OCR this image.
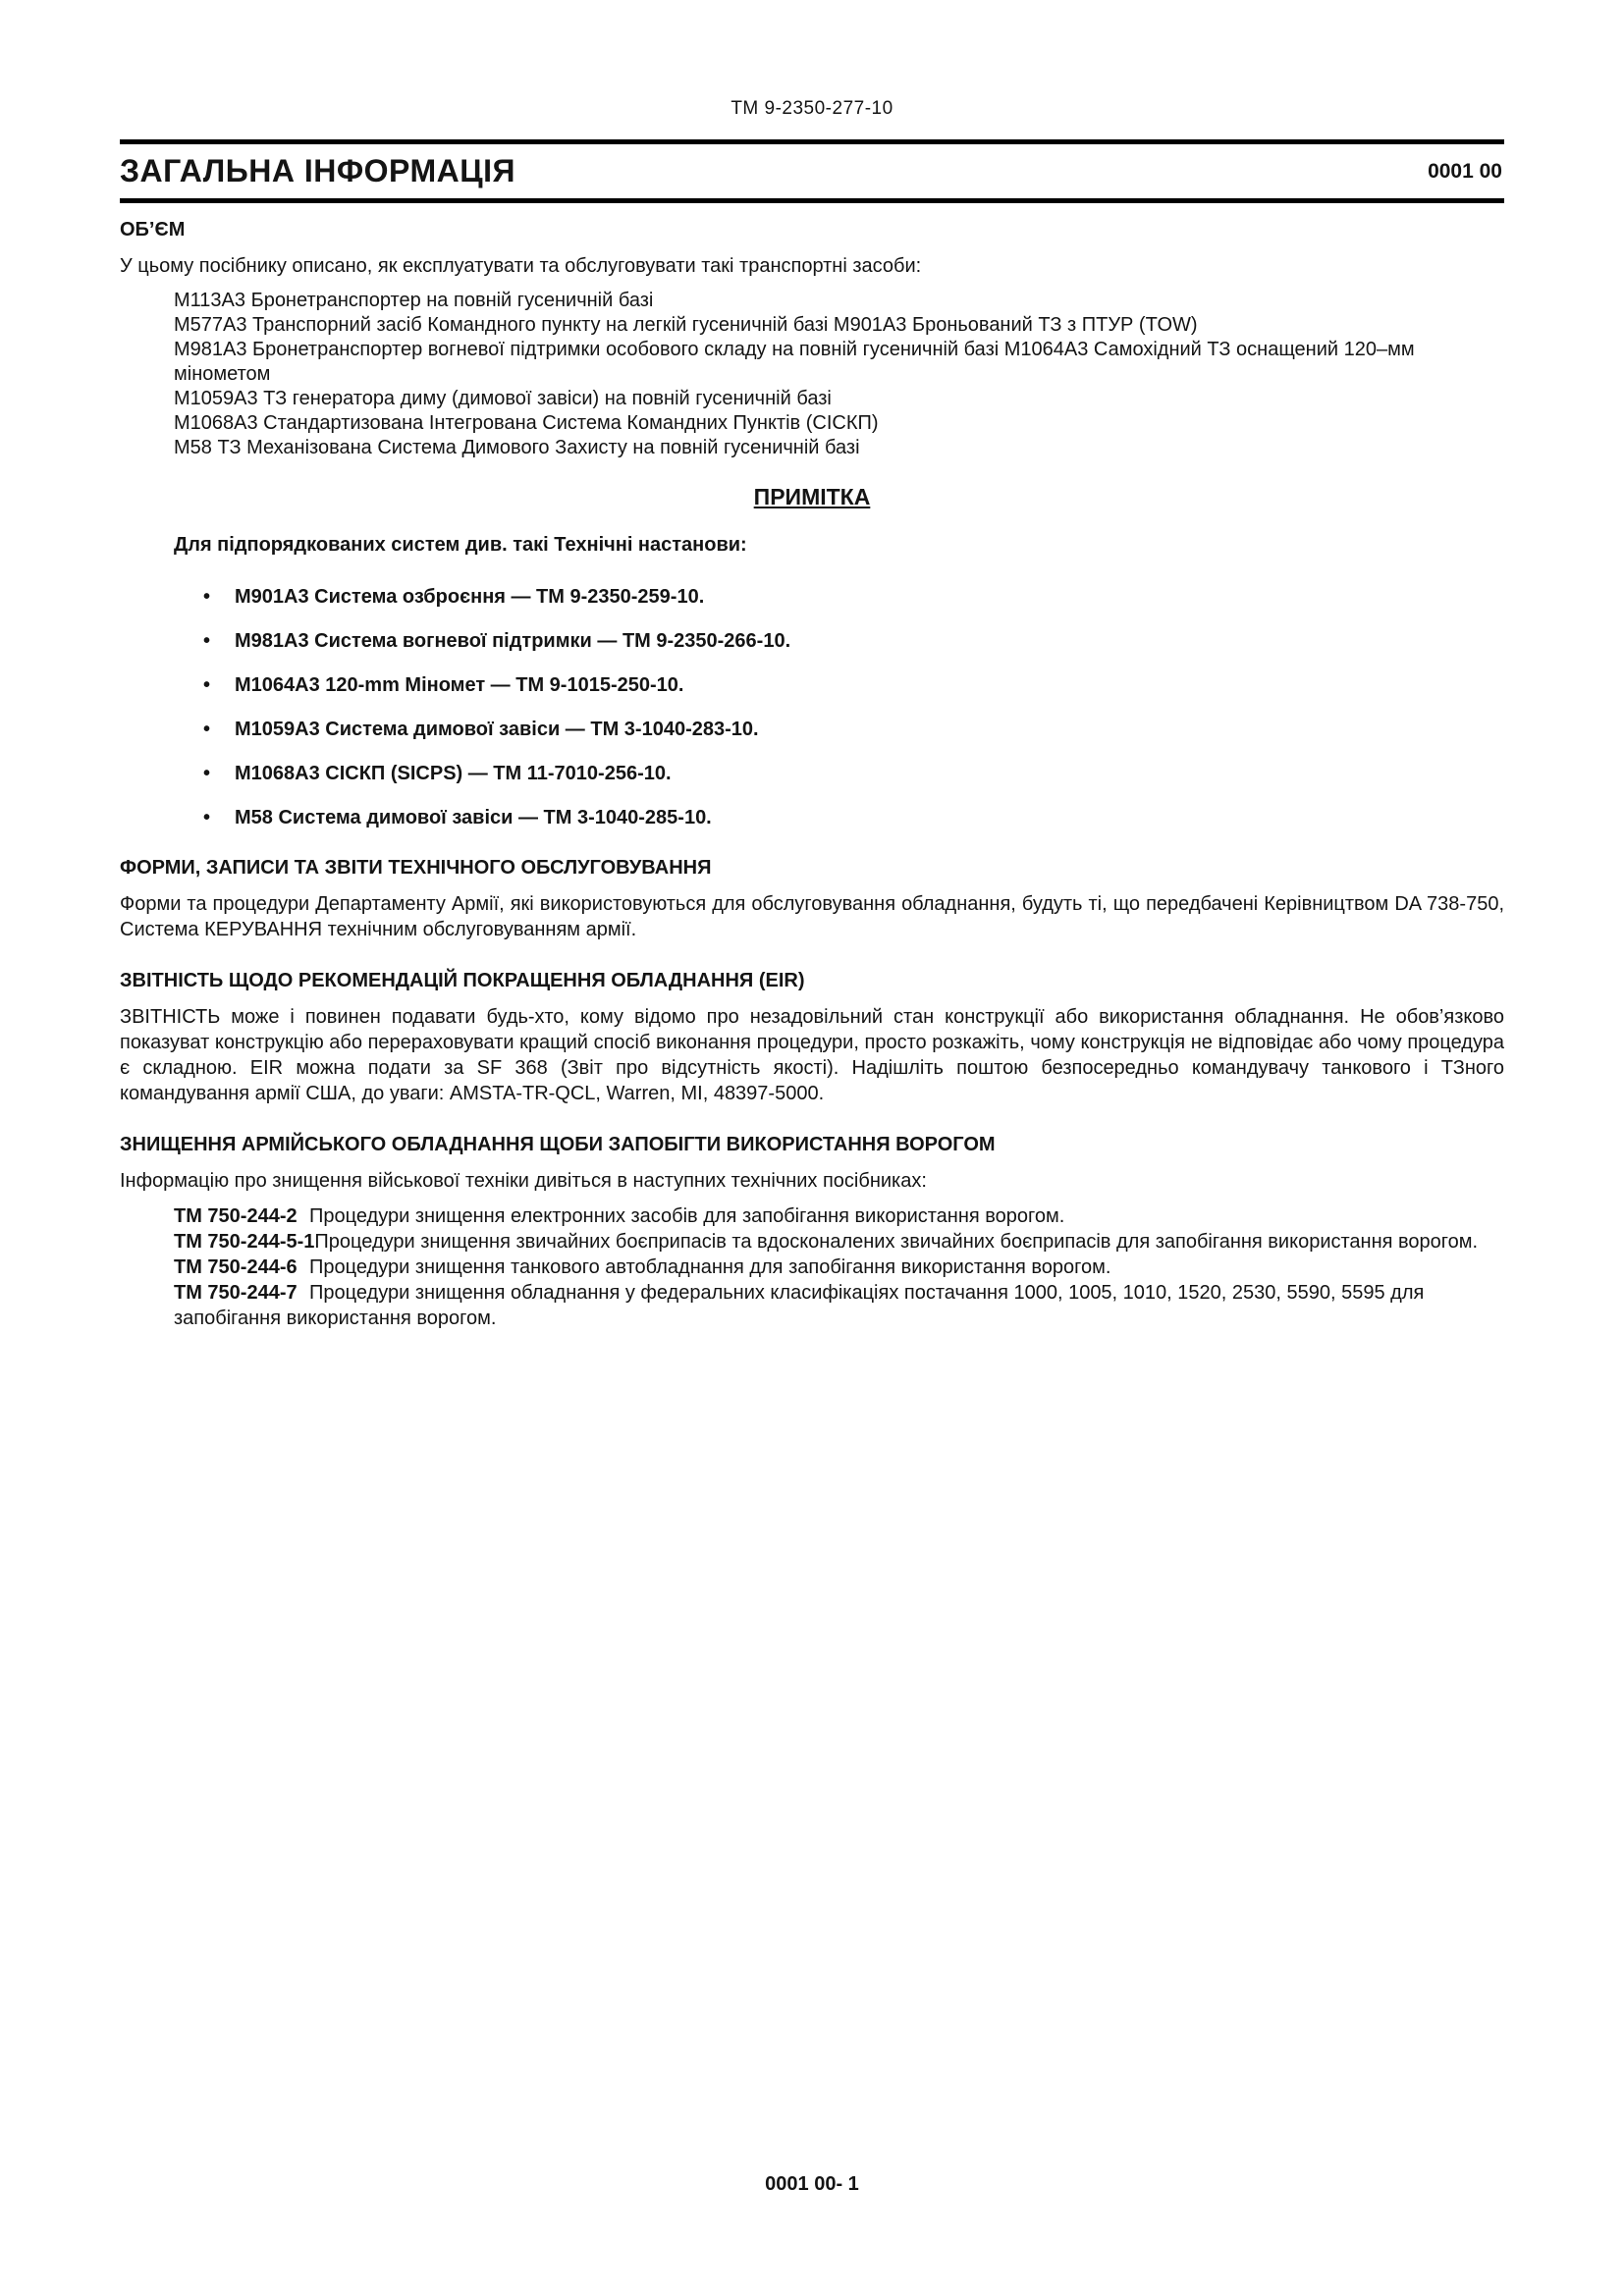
ТМ 9-2350-277-10
ЗАГАЛЬНА ІНФОРМАЦІЯ	0001 00
ОБ’ЄМ

У цьому посібнику описано, як експлуатувати та обслуговувати такі транспортні засоби:

М113А3 Бронетранспортер на повній гусеничній базі

М577А3 Транспорний засіб Командного пункту на легкій гусеничній базі М901А3 Броньований ТЗ з ПТУР (TOW)

М981А3 Бронетранспортер вогневої підтримки особового складу на повній гусеничній базі М1064А3 Самохідний ТЗ оснащений 120–мм мінометом

М1059А3 ТЗ генератора диму (димової завіси) на повній гусеничній базі

М1068А3 Стандартизована Інтегрована Система Командних Пунктів (СІСКП)

М58 ТЗ Механізована Система Димового Захисту на повній гусеничній базі

ПРИМІТКА
Для підпорядкованих систем див. такі Технічні настанови:
•
М901А3 Система озброєння — ТМ 9-2350-259-10.
•
М981А3 Система вогневої підтримки — ТМ 9-2350-266-10.
•
М1064А3 120-mm Міномет — ТМ 9-1015-250-10.
•
М1059А3 Система димової завіси — ТМ 3-1040-283-10.
•
М1068А3 СІСКП (SICPS) — ТМ 11-7010-256-10.
•
М58 Система димової завіси — ТМ 3-1040-285-10.
ФОРМИ, ЗАПИСИ ТА ЗВІТИ ТЕХНІЧНОГО ОБСЛУГОВУВАННЯ

Форми та процедури Департаменту Армії, які використовуються для обслуговування обладнання, будуть ті, що передбачені Керівництвом DA 738-750, Система КЕРУВАННЯ технічним обслуговуванням армії.

ЗВІТНІСТЬ ЩОДО РЕКОМЕНДАЦІЙ ПОКРАЩЕННЯ ОБЛАДНАННЯ (EIR)

ЗВІТНІСТЬ може і повинен подавати будь-хто, кому відомо про незадовільний стан конструкції або використання обладнання. Не обов’язково показуват конструкцію або перераховувати кращий спосіб виконання процедури, просто розкажіть, чому конструкція не відповідає або чому процедура є складною. EIR можна подати за SF 368 (Звіт про відсутність якості). Надішліть поштою безпосередньо командувачу танкового і ТЗного командування армії США, до уваги: AMSTA-TR-QCL, Warren, MI, 48397-5000.

ЗНИЩЕННЯ АРМІЙСЬКОГО ОБЛАДНАННЯ ЩОБИ ЗАПОБІГТИ ВИКОРИСТАННЯ ВОРОГОМ

Інформацію про знищення військової техніки дивіться в наступних технічних посібниках:

ТМ 750-244-2 Процедури знищення електронних засобів для запобігання використання ворогом.

ТМ 750-244-5-1Процедури знищення звичайних боєприпасів та вдосконалених звичайних боєприпасів для запобігання використання ворогом.

ТМ 750-244-6 Процедури знищення танкового автобладнання для запобігання використання ворогом.

ТМ 750-244-7 Процедури знищення обладнання у федеральних класифікаціях постачання 1000, 1005, 1010, 1520, 2530, 5590, 5595 для запобігання використання ворогом.

0001 00- 1
